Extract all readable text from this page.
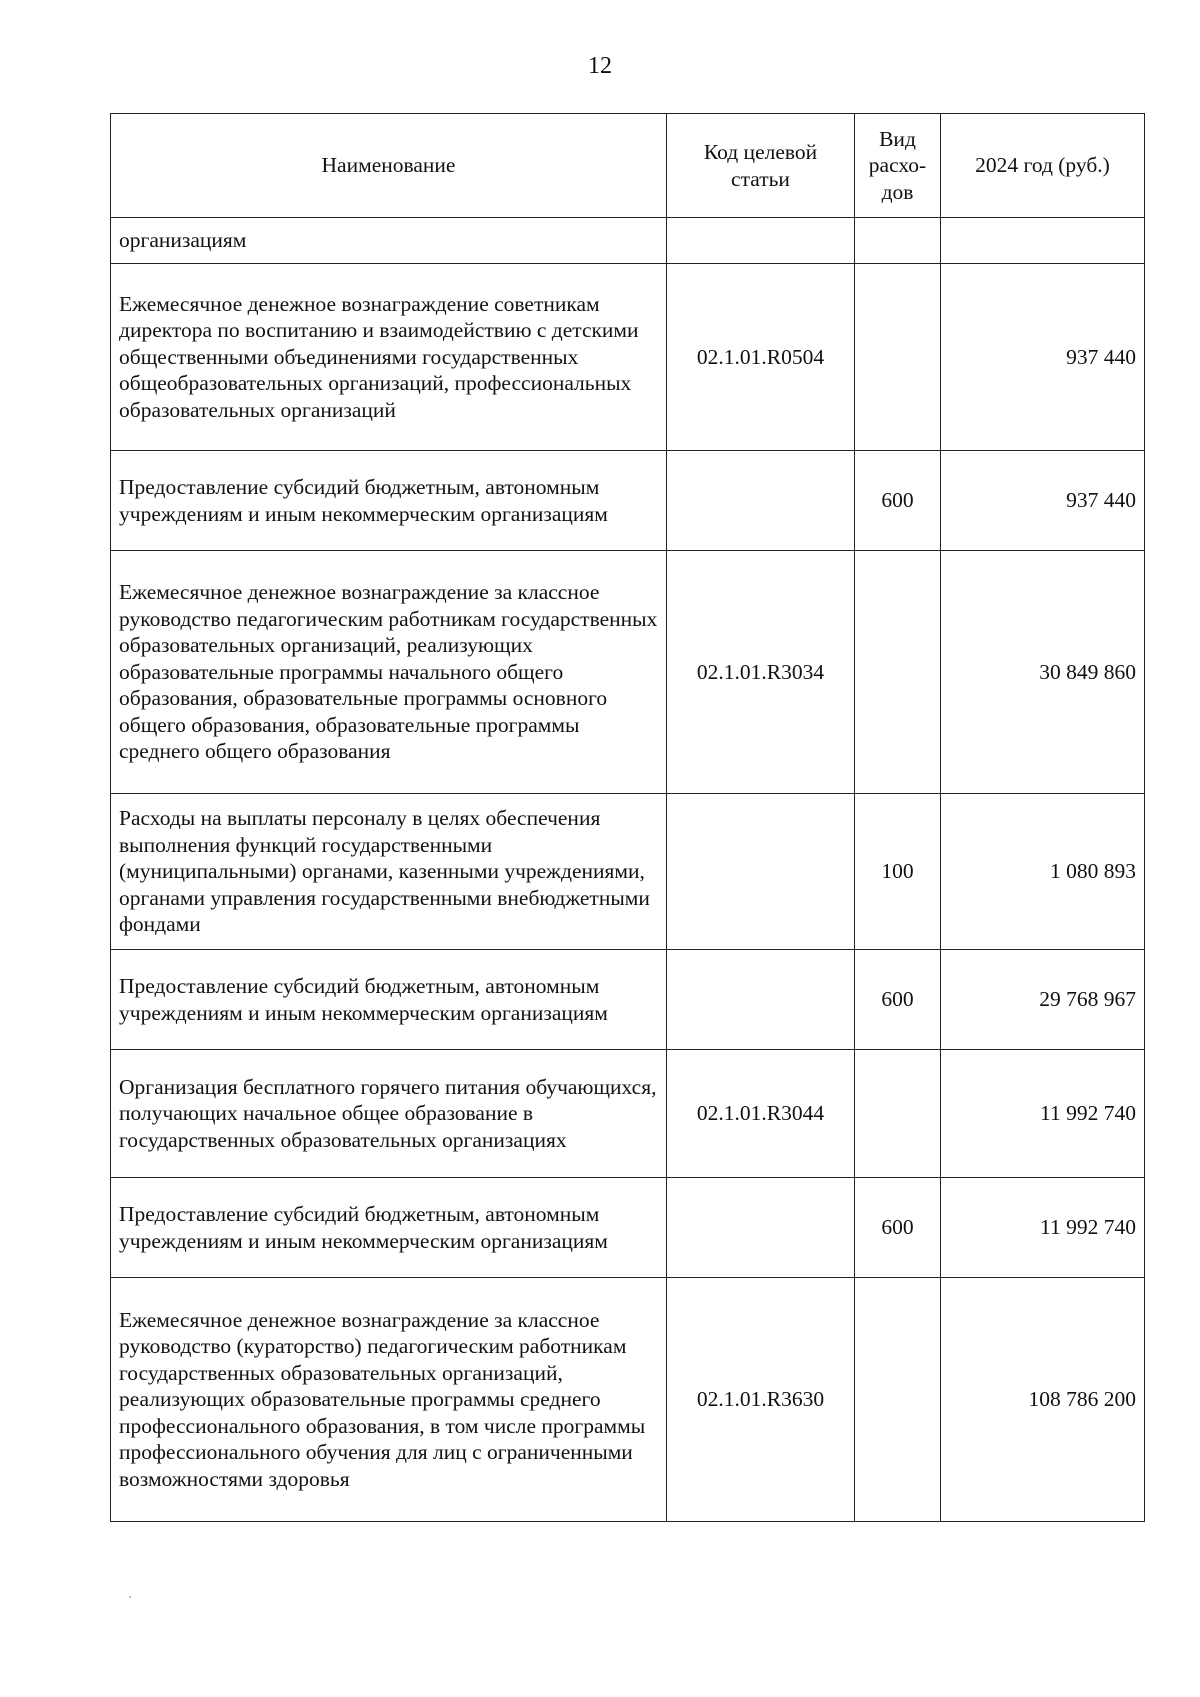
12
Наименование	Код целевой статьи	Вид расхо-дов	2024 год (руб.)
организациям			
Ежемесячное денежное вознаграждение советникам директора по воспитанию и взаимодействию с детскими общественными объединениями государственных общеобразовательных организаций, профессиональных образовательных организаций	02.1.01.R0504		937 440
Предоставление субсидий бюджетным, автономным учреждениям и иным некоммерческим организациям		600	937 440
Ежемесячное денежное вознаграждение за классное руководство педагогическим работникам государственных образовательных организаций, реализующих образовательные программы начального общего образования, образовательные программы основного общего образования, образовательные программы среднего общего образования	02.1.01.R3034		30 849 860
Расходы на выплаты персоналу в целях обеспечения выполнения функций государственными (муниципальными) органами, казенными учреждениями, органами управления государственными внебюджетными фондами		100	1 080 893
Предоставление субсидий бюджетным, автономным учреждениям и иным некоммерческим организациям		600	29 768 967
Организация бесплатного горячего питания обучающихся, получающих начальное общее образование в государственных образовательных организациях	02.1.01.R3044		11 992 740
Предоставление субсидий бюджетным, автономным учреждениям и иным некоммерческим организациям		600	11 992 740
Ежемесячное денежное вознаграждение за классное руководство (кураторство) педагогическим работникам государственных образовательных организаций, реализующих образовательные программы среднего профессионального образования, в том числе программы профессионального обучения для лиц с ограниченными возможностями здоровья	02.1.01.R3630		108 786 200
